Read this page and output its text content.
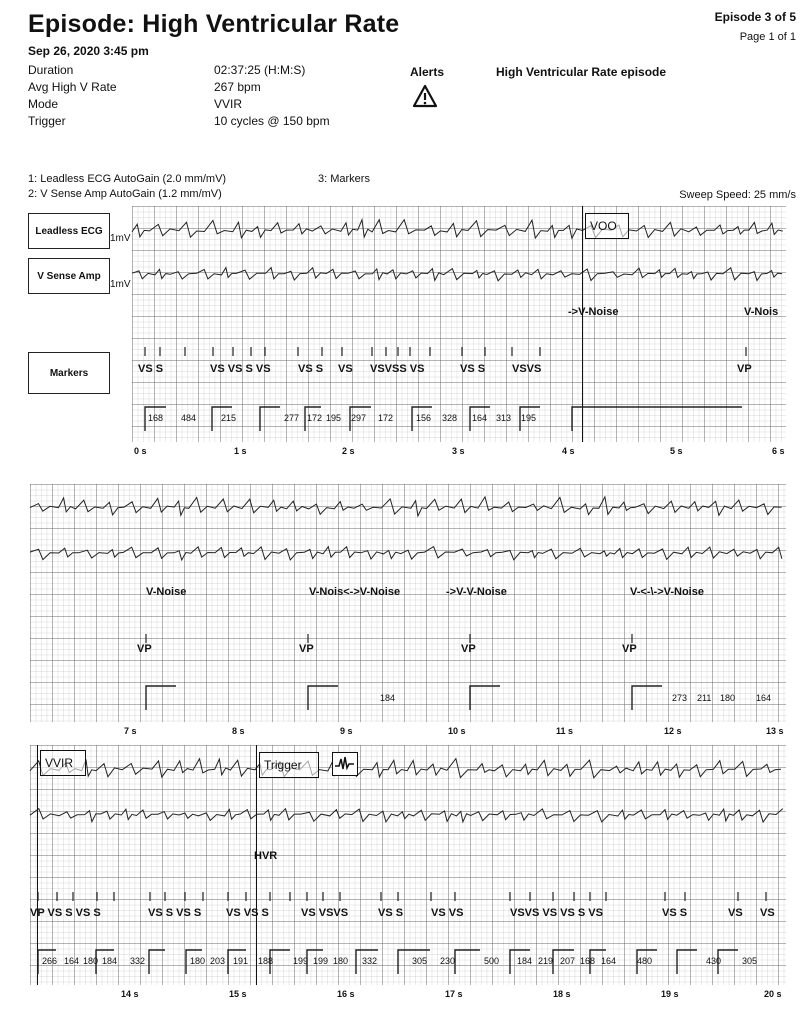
Episode: High Ventricular Rate	Episode 3 of 5
Page 1 of 1
Sep 26, 2020 3:45 pm
Duration	02:37:25 (H:M:S)
Avg High V Rate	267 bpm
Mode	VVIR
Trigger	10 cycles @ 150 bpm
Alerts	High Ventricular Rate episode
1: Leadless ECG AutoGain (2.0 mm/mV)
2: V Sense Amp AutoGain (1.2 mm/mV)
3: Markers
Sweep Speed: 25 mm/s
Leadless ECG
V Sense Amp
Markers
1mV
1mV
VOO
->V-Noise	V-Nois
VS S	VS VS S VS VS S VS VSVSS VS	VS S VSVS	VP
168 484	215	277 172 195 297 172	156 328 164 313 195
0 s	1 s	2 s	3 s	4 s	5 s	6 s
V-Noise	V-Nois<->V-Noise	->V-V-Noise	V-<-\->V-Noise
VP	VP	VP	VP
184	273 211 180 164
7 s	8 s	9 s	10 s	11 s	12 s	13 s
VVIR	Trigger
HVR
VP VS S VS S	VS S VS S VS VS S	VS VSVS	VS S	VS VS	VSVS VS VS S VS	VS S	VS VS
266 164 180 184 332	180 203 191 188 199 199 180 332	305 230	500 184 219 207 168 164 480	430 305
14 s	15 s	16 s	17 s	18 s	19 s	20 s
